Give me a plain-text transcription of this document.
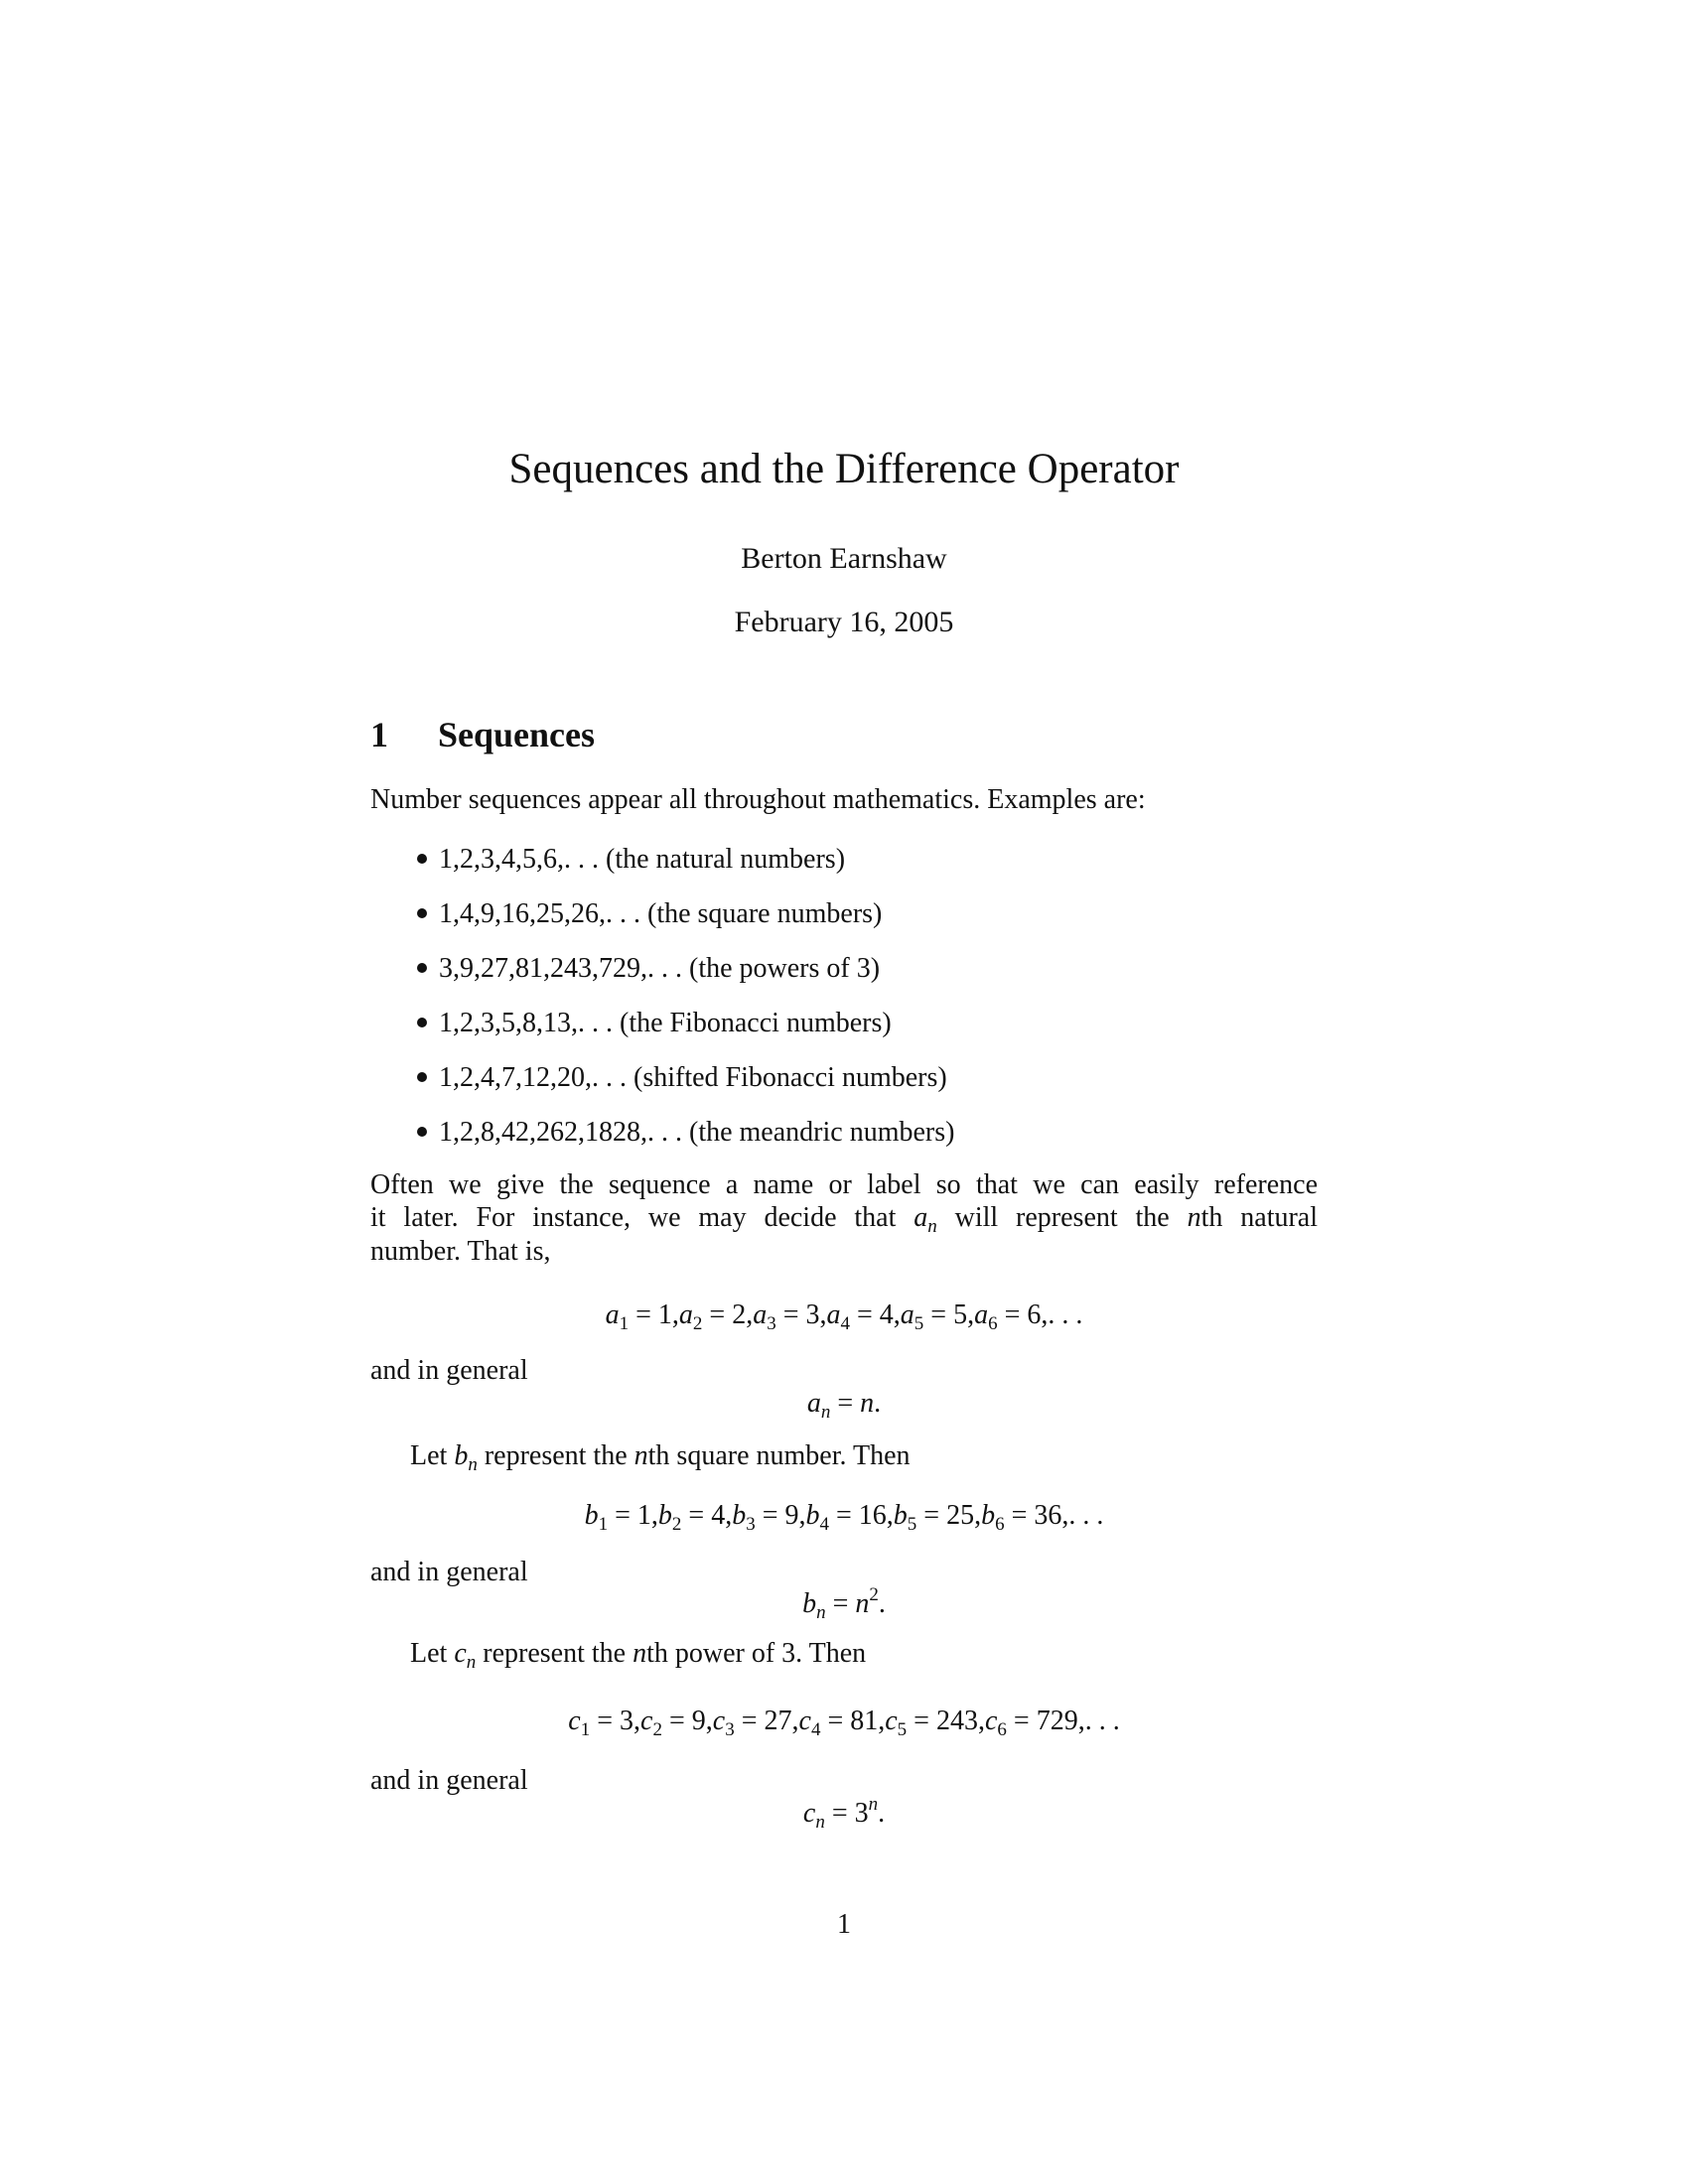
Sequences and the Difference Operator
Berton Earnshaw
February 16, 2005
1 Sequences
Number sequences appear all throughout mathematics. Examples are:
1,2,3,4,5,6,. . . (the natural numbers)
1,4,9,16,25,26,. . . (the square numbers)
3,9,27,81,243,729,. . . (the powers of 3)
1,2,3,5,8,13,. . . (the Fibonacci numbers)
1,2,4,7,12,20,. . . (shifted Fibonacci numbers)
1,2,8,42,262,1828,. . . (the meandric numbers)
Often we give the sequence a name or label so that we can easily reference
it later. For instance, we may decide that $a_n$ will represent the nth natural
number. That is,
$a_1 = 1,a_2 = 2,a_3 = 3,a_4 = 4,a_5 = 5,a_6 = 6$,. . .
and in general
$a_n = n$.
Let $b_n$ represent the nth square number. Then
$b_1 = 1,b_2 = 4,b_3 = 9,b_4 = 16,b_5 = 25,b_6 = 36$,. . .
and in general
$b_n = n^2$.
Let $c_n$ represent the nth power of 3. Then
$c_1 = 3,c_2 = 9,c_3 = 27,c_4 = 81,c_5 = 243,c_6 = 729$,. . .
and in general
$c_n = 3^n$.
1
